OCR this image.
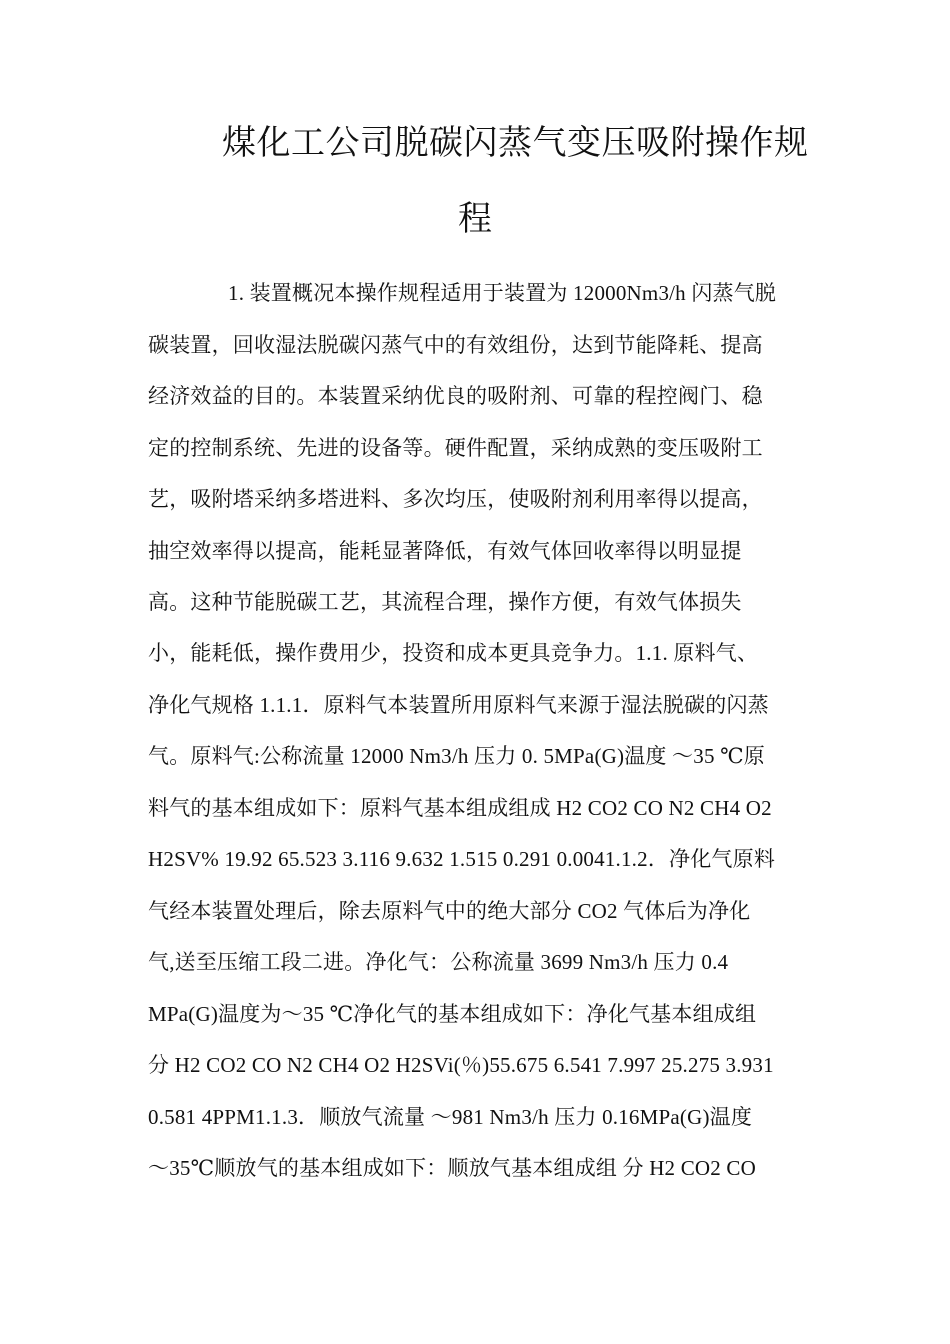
煤化工公司脱碳闪蒸气变压吸附操作规
程
1. 装置概况本操作规程适用于装置为 12000Nm3/h 闪蒸气脱
碳装置，回收湿法脱碳闪蒸气中的有效组份，达到节能降耗、提高
经济效益的目的。本装置采纳优良的吸附剂、可靠的程控阀门、稳
定的控制系统、先进的设备等。硬件配置，采纳成熟的变压吸附工
艺，吸附塔采纳多塔进料、多次均压，使吸附剂利用率得以提高，
抽空效率得以提高，能耗显著降低，有效气体回收率得以明显提
高。这种节能脱碳工艺，其流程合理，操作方便，有效气体损失
小，能耗低，操作费用少，投资和成本更具竞争力。1.1. 原料气、
净化气规格 1.1.1．原料气本装置所用原料气来源于湿法脱碳的闪蒸
气。原料气:公称流量 12000 Nm3/h 压力 0. 5MPa(G)温度 ～35 ℃原
料气的基本组成如下：原料气基本组成组成 H2 CO2 CO N2 CH4 O2
H2SV% 19.92 65.523 3.116 9.632 1.515 0.291 0.0041.1.2．净化气原料
气经本装置处理后，除去原料气中的绝大部分 CO2 气体后为净化
气,送至压缩工段二进。净化气：公称流量 3699 Nm3/h 压力 0.4
MPa(G)温度为～35 ℃净化气的基本组成如下：净化气基本组成组
分 H2 CO2 CO N2 CH4 O2 H2SVi(％)55.675 6.541 7.997 25.275 3.931
0.581 4PPM1.1.3．顺放气流量 ～981 Nm3/h 压力 0.16MPa(G)温度
～35℃顺放气的基本组成如下：顺放气基本组成组 分 H2 CO2 CO
